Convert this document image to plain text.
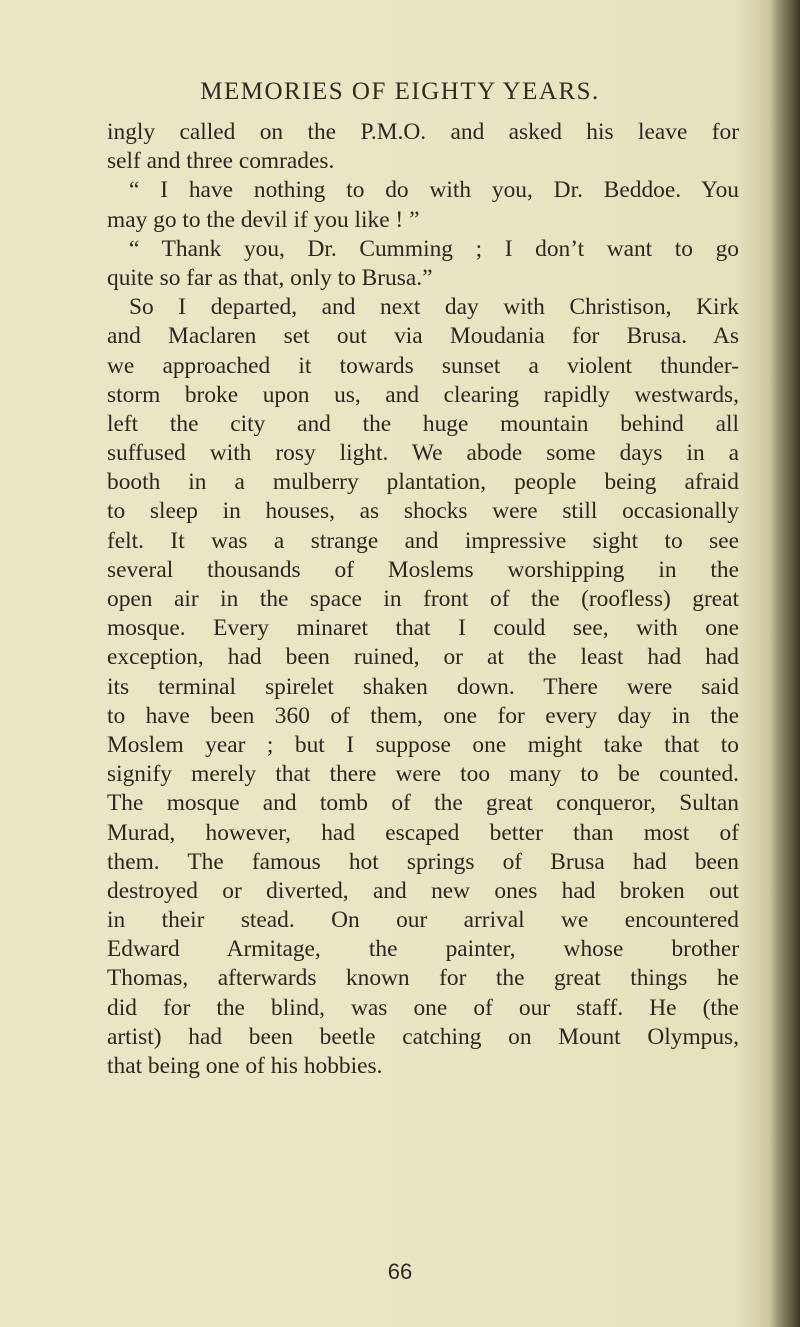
MEMORIES OF EIGHTY YEARS.
ingly called on the P.M.O. and asked his leave for
self and three comrades.
“ I have nothing to do with you, Dr. Beddoe. You
may go to the devil if you like ! ”
“ Thank you, Dr. Cumming ; I don’t want to go
quite so far as that, only to Brusa.”
So I departed, and next day with Christison, Kirk
and Maclaren set out via Moudania for Brusa. As
we approached it towards sunset a violent thunder-
storm broke upon us, and clearing rapidly westwards,
left the city and the huge mountain behind all
suffused with rosy light. We abode some days in a
booth in a mulberry plantation, people being afraid
to sleep in houses, as shocks were still occasionally
felt. It was a strange and impressive sight to see
several thousands of Moslems worshipping in the
open air in the space in front of the (roofless) great
mosque. Every minaret that I could see, with one
exception, had been ruined, or at the least had had
its terminal spirelet shaken down. There were said
to have been 360 of them, one for every day in the
Moslem year ; but I suppose one might take that to
signify merely that there were too many to be counted.
The mosque and tomb of the great conqueror, Sultan
Murad, however, had escaped better than most of
them. The famous hot springs of Brusa had been
destroyed or diverted, and new ones had broken out
in their stead. On our arrival we encountered
Edward Armitage, the painter, whose brother
Thomas, afterwards known for the great things he
did for the blind, was one of our staff. He (the
artist) had been beetle catching on Mount Olympus,
that being one of his hobbies.
66
